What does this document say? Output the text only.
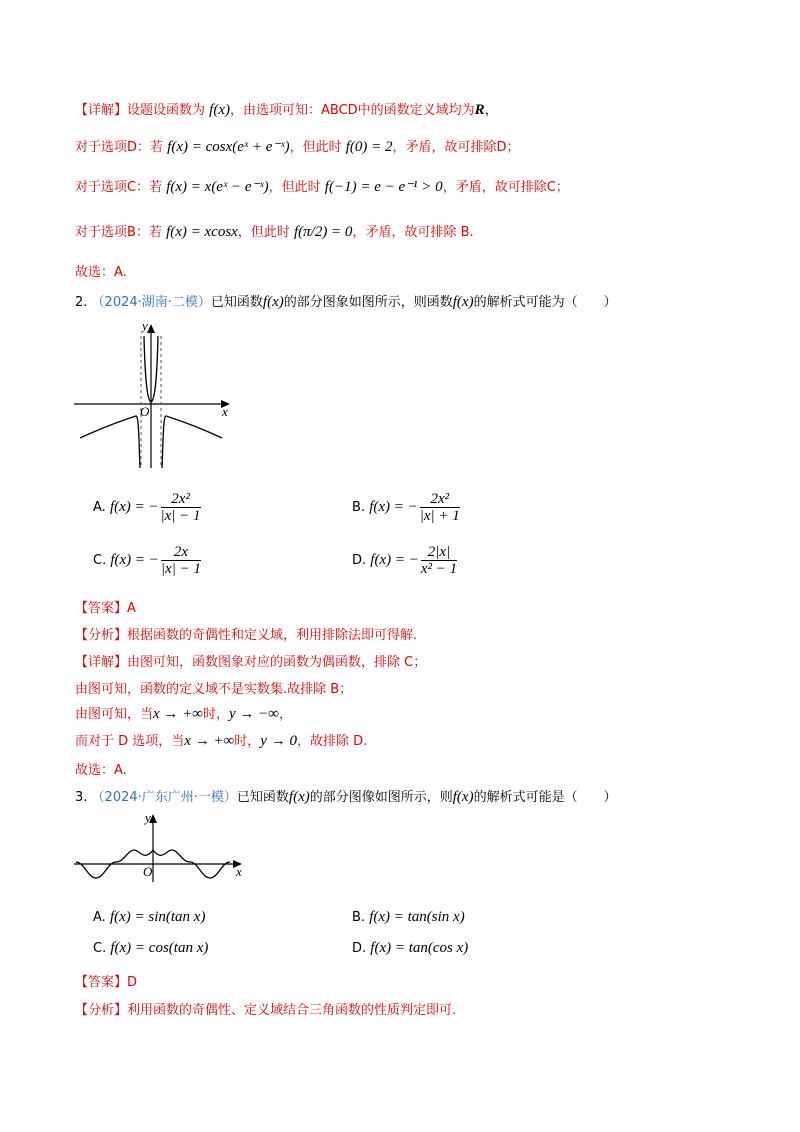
【详解】设题设函数为 f(x)，由选项可知：ABCD中的函数定义域均为R，
对于选项D：若 f(x) = cosx(eˣ + e⁻ˣ)，但此时 f(0) = 2，矛盾，故可排除D；
对于选项C：若 f(x) = x(eˣ − e⁻ˣ)，但此时 f(−1) = e − e⁻¹ > 0，矛盾，故可排除C；
对于选项B：若 f(x) = xcosx，但此时 f(π/2) = 0，矛盾，故可排除 B.
故选：A.
2. （2024·湖南·二模）已知函数f(x)的部分图象如图所示，则函数f(x)的解析式可能为（　　）
y
x
O
A. f(x) = − $\frac{\text{2x²}}{|x| - 1}$	B. f(x) = − $\frac{\text{2x²}}{|x| + 1}$
C. f(x) = − $\frac{2x}{|x| - 1}$	D. f(x) = − $\frac{2|x|}{\text{x² − 1}}$
【答案】A
【分析】根据函数的奇偶性和定义域，利用排除法即可得解.
【详解】由图可知，函数图象对应的函数为偶函数，排除 C；
由图可知，函数的定义域不是实数集.故排除 B；
由图可知，当x → +∞时，y → −∞，
而对于 D 选项，当x → +∞时，y → 0，故排除 D.
故选：A.
3. （2024·广东广州·一模）已知函数f(x)的部分图像如图所示，则f(x)的解析式可能是（　　）
y
x
O
A. f(x) = sin(tan x)	B. f(x) = tan(sin x)
C. f(x) = cos(tan x)	D. f(x) = tan(cos x)
【答案】D
【分析】利用函数的奇偶性、定义域结合三角函数的性质判定即可.
